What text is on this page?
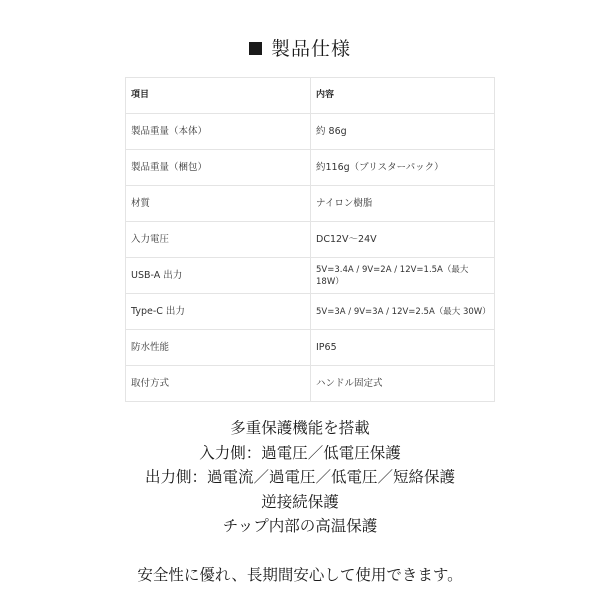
製品仕様
項目	内容
製品重量（本体）	約 86g
製品重量（梱包）	約116g（ブリスターパック）
材質	ナイロン樹脂
入力電圧	DC12V～24V
USB-A 出力	5V=3.4A / 9V=2A / 12V=1.5A（最大 18W）
Type-C 出力	5V=3A / 9V=3A / 12V=2.5A（最大 30W）
防水性能	IP65
取付方式	ハンドル固定式
多重保護機能を搭載
入力側：過電圧／低電圧保護
出力側：過電流／過電圧／低電圧／短絡保護
逆接続保護
チップ内部の高温保護
安全性に優れ、長期間安心して使用できます。
